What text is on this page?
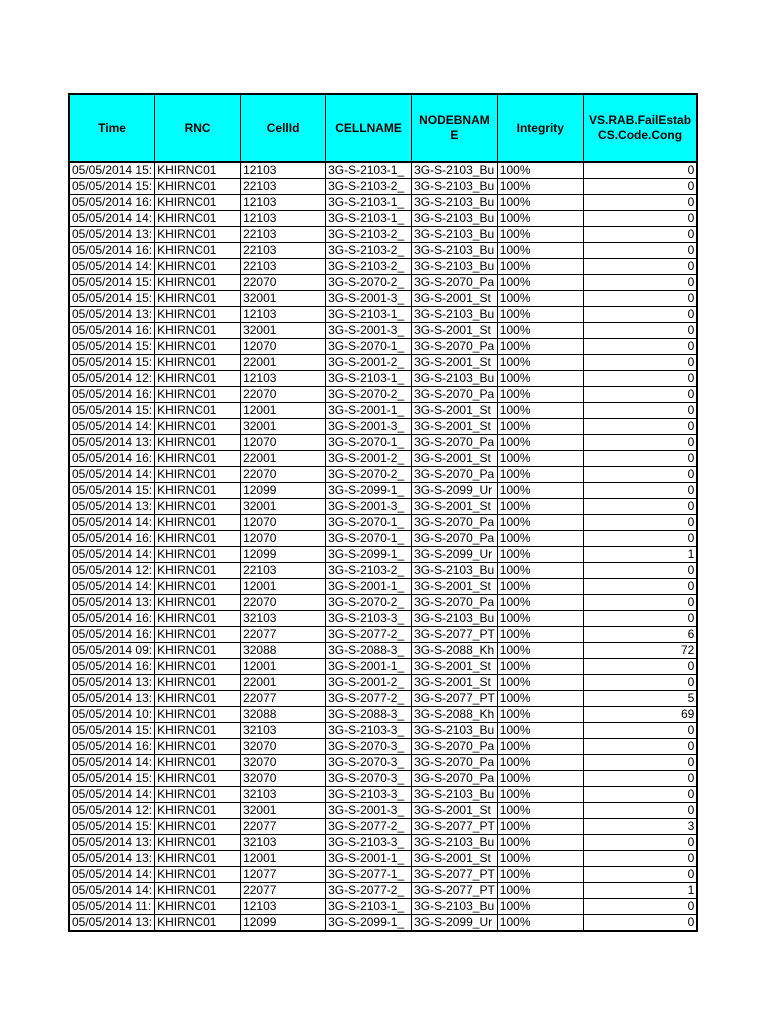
Time	RNC	CellId	CELLNAME	NODEBNAME	Integrity	VS.RAB.FailEstabCS.Code.Cong
05/05/2014 15:	KHIRNC01	12103	3G-S-2103-1_	3G-S-2103_Bu	100%	0
05/05/2014 15:	KHIRNC01	22103	3G-S-2103-2_	3G-S-2103_Bu	100%	0
05/05/2014 16:	KHIRNC01	12103	3G-S-2103-1_	3G-S-2103_Bu	100%	0
05/05/2014 14:	KHIRNC01	12103	3G-S-2103-1_	3G-S-2103_Bu	100%	0
05/05/2014 13:	KHIRNC01	22103	3G-S-2103-2_	3G-S-2103_Bu	100%	0
05/05/2014 16:	KHIRNC01	22103	3G-S-2103-2_	3G-S-2103_Bu	100%	0
05/05/2014 14:	KHIRNC01	22103	3G-S-2103-2_	3G-S-2103_Bu	100%	0
05/05/2014 15:	KHIRNC01	22070	3G-S-2070-2_	3G-S-2070_Pa	100%	0
05/05/2014 15:	KHIRNC01	32001	3G-S-2001-3_	3G-S-2001_St	100%	0
05/05/2014 13:	KHIRNC01	12103	3G-S-2103-1_	3G-S-2103_Bu	100%	0
05/05/2014 16:	KHIRNC01	32001	3G-S-2001-3_	3G-S-2001_St	100%	0
05/05/2014 15:	KHIRNC01	12070	3G-S-2070-1_	3G-S-2070_Pa	100%	0
05/05/2014 15:	KHIRNC01	22001	3G-S-2001-2_	3G-S-2001_St	100%	0
05/05/2014 12:	KHIRNC01	12103	3G-S-2103-1_	3G-S-2103_Bu	100%	0
05/05/2014 16:	KHIRNC01	22070	3G-S-2070-2_	3G-S-2070_Pa	100%	0
05/05/2014 15:	KHIRNC01	12001	3G-S-2001-1_	3G-S-2001_St	100%	0
05/05/2014 14:	KHIRNC01	32001	3G-S-2001-3_	3G-S-2001_St	100%	0
05/05/2014 13:	KHIRNC01	12070	3G-S-2070-1_	3G-S-2070_Pa	100%	0
05/05/2014 16:	KHIRNC01	22001	3G-S-2001-2_	3G-S-2001_St	100%	0
05/05/2014 14:	KHIRNC01	22070	3G-S-2070-2_	3G-S-2070_Pa	100%	0
05/05/2014 15:	KHIRNC01	12099	3G-S-2099-1_	3G-S-2099_Ur	100%	0
05/05/2014 13:	KHIRNC01	32001	3G-S-2001-3_	3G-S-2001_St	100%	0
05/05/2014 14:	KHIRNC01	12070	3G-S-2070-1_	3G-S-2070_Pa	100%	0
05/05/2014 16:	KHIRNC01	12070	3G-S-2070-1_	3G-S-2070_Pa	100%	0
05/05/2014 14:	KHIRNC01	12099	3G-S-2099-1_	3G-S-2099_Ur	100%	1
05/05/2014 12:	KHIRNC01	22103	3G-S-2103-2_	3G-S-2103_Bu	100%	0
05/05/2014 14:	KHIRNC01	12001	3G-S-2001-1_	3G-S-2001_St	100%	0
05/05/2014 13:	KHIRNC01	22070	3G-S-2070-2_	3G-S-2070_Pa	100%	0
05/05/2014 16:	KHIRNC01	32103	3G-S-2103-3_	3G-S-2103_Bu	100%	0
05/05/2014 16:	KHIRNC01	22077	3G-S-2077-2_	3G-S-2077_PT	100%	6
05/05/2014 09:	KHIRNC01	32088	3G-S-2088-3_	3G-S-2088_Kh	100%	72
05/05/2014 16:	KHIRNC01	12001	3G-S-2001-1_	3G-S-2001_St	100%	0
05/05/2014 13:	KHIRNC01	22001	3G-S-2001-2_	3G-S-2001_St	100%	0
05/05/2014 13:	KHIRNC01	22077	3G-S-2077-2_	3G-S-2077_PT	100%	5
05/05/2014 10:	KHIRNC01	32088	3G-S-2088-3_	3G-S-2088_Kh	100%	69
05/05/2014 15:	KHIRNC01	32103	3G-S-2103-3_	3G-S-2103_Bu	100%	0
05/05/2014 16:	KHIRNC01	32070	3G-S-2070-3_	3G-S-2070_Pa	100%	0
05/05/2014 14:	KHIRNC01	32070	3G-S-2070-3_	3G-S-2070_Pa	100%	0
05/05/2014 15:	KHIRNC01	32070	3G-S-2070-3_	3G-S-2070_Pa	100%	0
05/05/2014 14:	KHIRNC01	32103	3G-S-2103-3_	3G-S-2103_Bu	100%	0
05/05/2014 12:	KHIRNC01	32001	3G-S-2001-3_	3G-S-2001_St	100%	0
05/05/2014 15:	KHIRNC01	22077	3G-S-2077-2_	3G-S-2077_PT	100%	3
05/05/2014 13:	KHIRNC01	32103	3G-S-2103-3_	3G-S-2103_Bu	100%	0
05/05/2014 13:	KHIRNC01	12001	3G-S-2001-1_	3G-S-2001_St	100%	0
05/05/2014 14:	KHIRNC01	12077	3G-S-2077-1_	3G-S-2077_PT	100%	0
05/05/2014 14:	KHIRNC01	22077	3G-S-2077-2_	3G-S-2077_PT	100%	1
05/05/2014 11:	KHIRNC01	12103	3G-S-2103-1_	3G-S-2103_Bu	100%	0
05/05/2014 13:	KHIRNC01	12099	3G-S-2099-1_	3G-S-2099_Ur	100%	0
